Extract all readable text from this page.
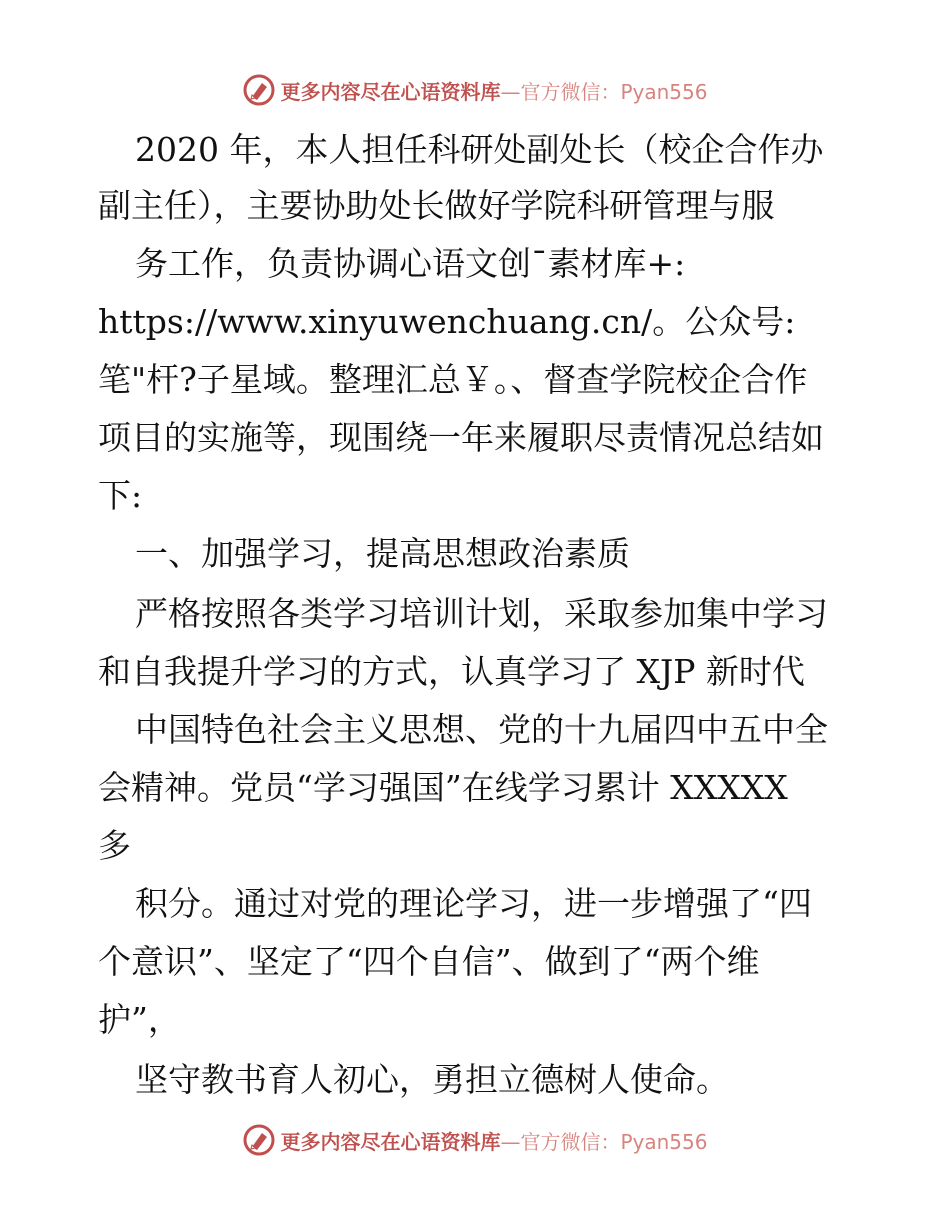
更多内容尽在心语资料库 —官方微信：Pyan556
2020 年，本人担任科研处副处长（校企合作办
副主任），主要协助处长做好学院科研管理与服
务工作，负责协调心语文创¯素材库+:
https://www.xinyuwenchuang.cn/。公众号:
笔"杆?子星域。整理汇总￥。、督查学院校企合作
项目的实施等，现围绕一年来履职尽责情况总结如
下:
一、加强学习，提高思想政治素质
严格按照各类学习培训计划，采取参加集中学习
和自我提升学习的方式，认真学习了 XJP 新时代
中国特色社会主义思想、党的十九届四中五中全
会精神。党员“学习强国”在线学习累计 XXXXX
多
积分。通过对党的理论学习，进一步增强了“四
个意识”、坚定了“四个自信”、做到了“两个维
护”，
坚守教书育人初心，勇担立德树人使命。
更多内容尽在心语资料库 —官方微信：Pyan556
